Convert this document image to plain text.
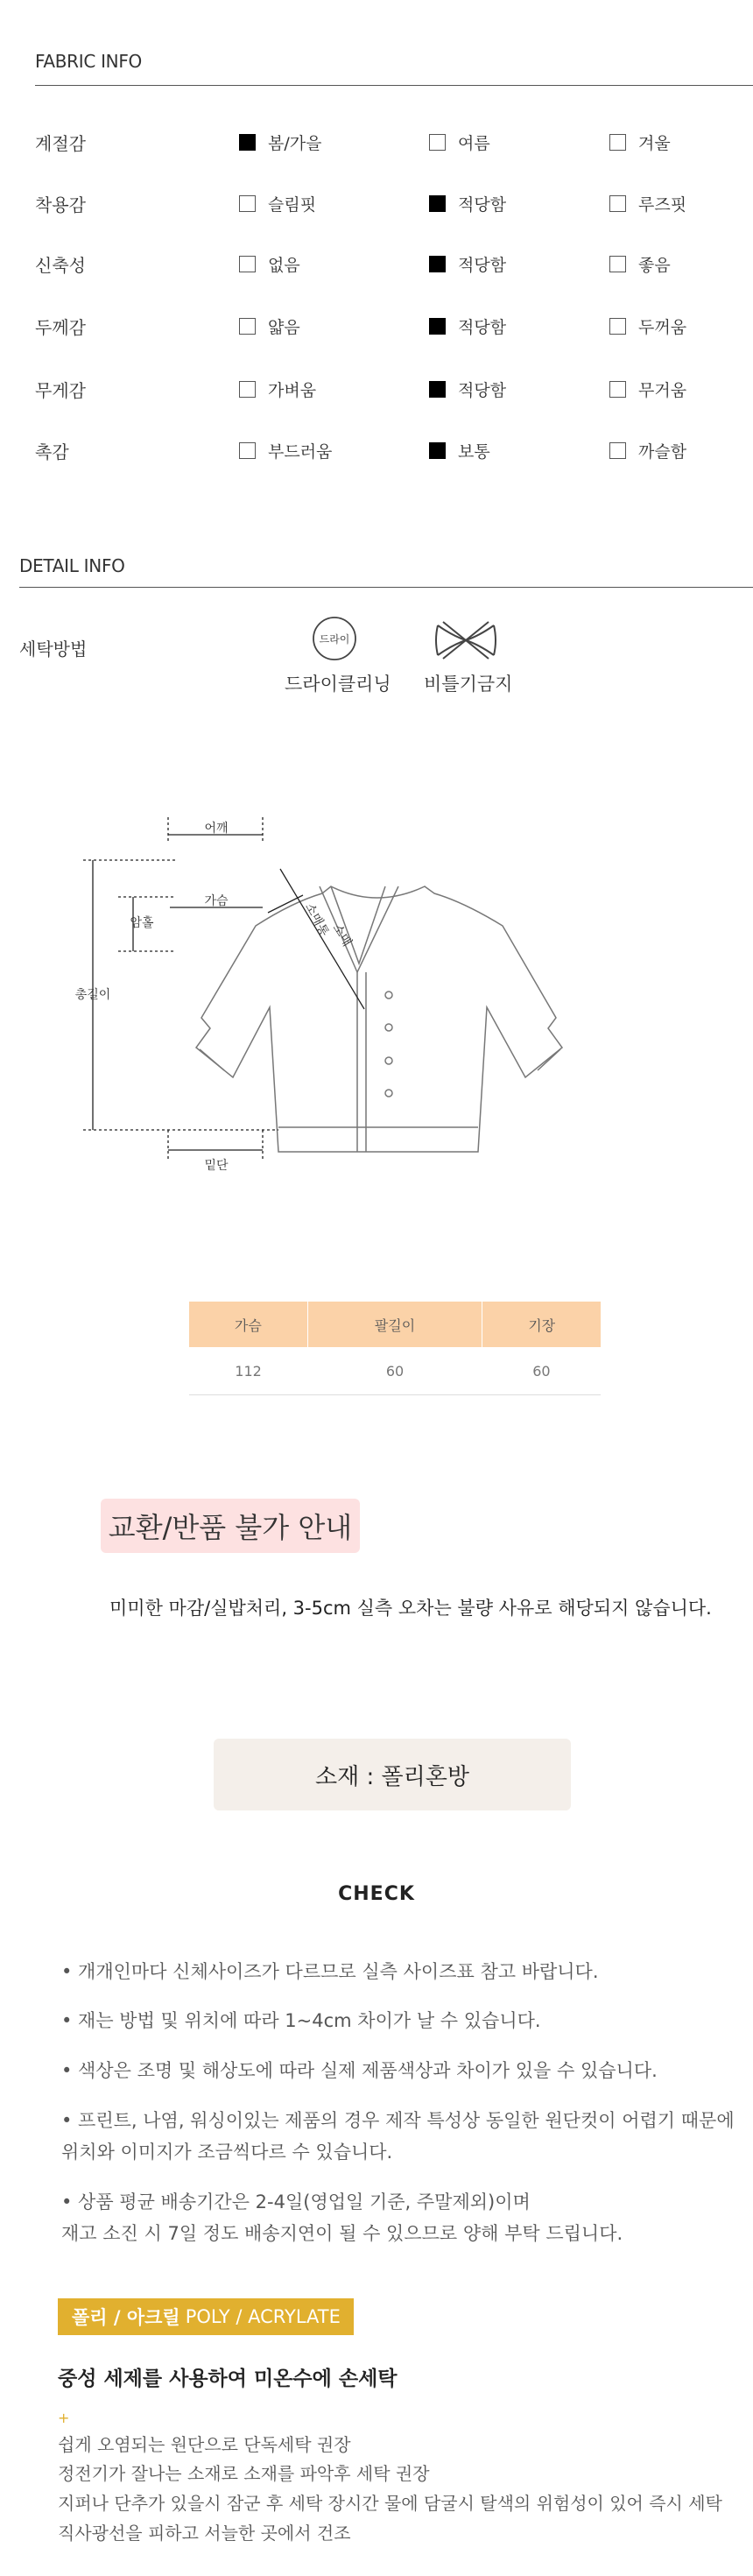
FABRIC INFO
계절감	봄/가을	여름	겨울
착용감	슬림핏	적당함	루즈핏
신축성	없음	적당함	좋음
두께감	얇음	적당함	두꺼움
무게감	가벼움	적당함	무거움
촉감	부드러움	보통	까슬함
DETAIL INFO
세탁방법	드라이
드라이클리닝 비틀기금지
어깨
암홀
총길이
가슴	소매통
소매
밑단
가슴	팔길이	기장
112	60	60
교환/반품 불가 안내
미미한 마감/실밥처리, 3-5cm 실측 오차는 불량 사유로 해당되지 않습니다.
소재 : 폴리혼방
CHECK
• 개개인마다 신체사이즈가 다르므로 실측 사이즈표 참고 바랍니다.
• 재는 방법 및 위치에 따라 1~4cm 차이가 날 수 있습니다.
• 색상은 조명 및 해상도에 따라 실제 제품색상과 차이가 있을 수 있습니다.
• 프린트, 나염, 워싱이있는 제품의 경우 제작 특성상 동일한 원단컷이 어렵기 때문에
위치와 이미지가 조금씩다르 수 있습니다.
• 상품 평균 배송기간은 2-4일(영업일 기준, 주말제외)이며
재고 소진 시 7일 정도 배송지연이 될 수 있으므로 양해 부탁 드립니다.
폴리 / 아크릴 POLY / ACRYLATE
중성 세제를 사용하여 미온수에 손세탁
+
쉽게 오염되는 원단으로 단독세탁 권장
정전기가 잘나는 소재로 소재를 파악후 세탁 권장
지퍼나 단추가 있을시 잠군 후 세탁 장시간 물에 담굴시 탈색의 위험성이 있어 즉시 세탁
직사광선을 피하고 서늘한 곳에서 건조
